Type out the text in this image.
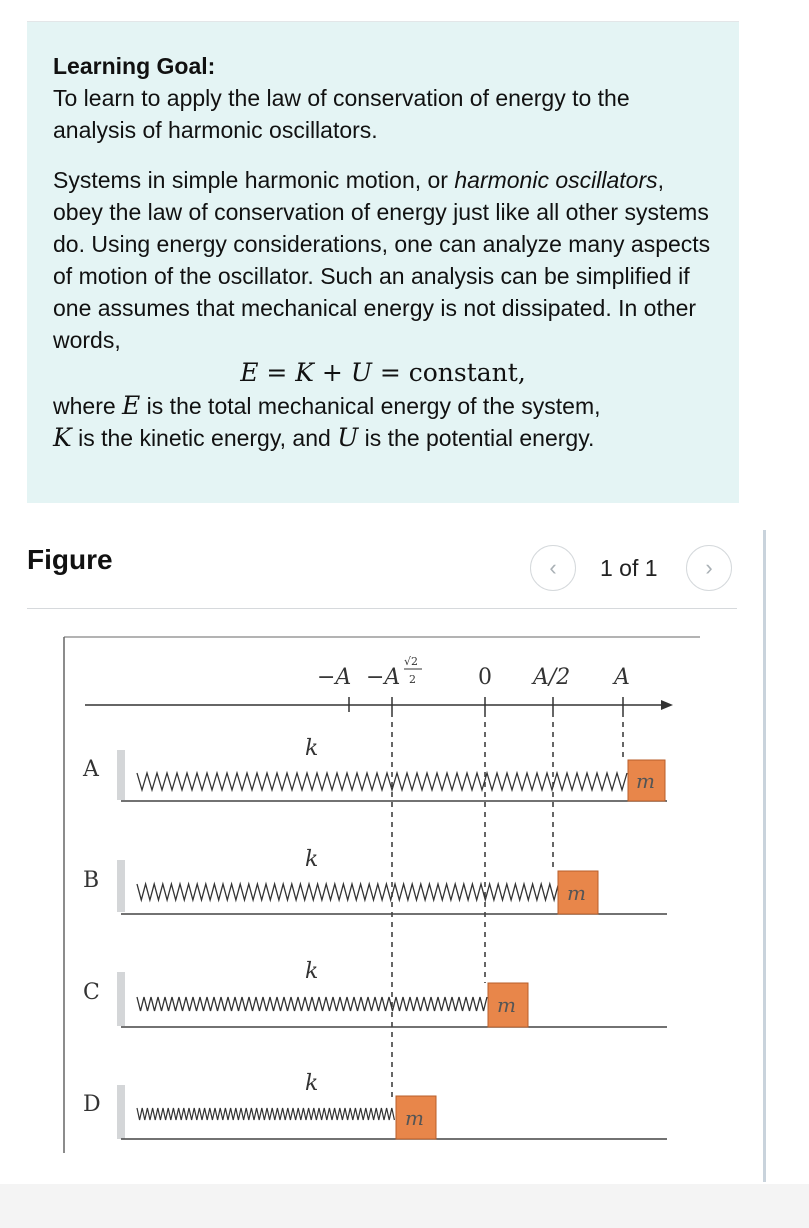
Learning Goal:

To learn to apply the law of conservation of energy to the analysis of harmonic oscillators.

Systems in simple harmonic motion, or harmonic oscillators, obey the law of conservation of energy just like all other systems do. Using energy considerations, one can analyze many aspects of motion of the oscillator. Such an analysis can be simplified if one assumes that mechanical energy is not dissipated. In other words,

E = K + U = constant,

where E is the total mechanical energy of the system,
K is the kinetic energy, and U is the potential energy.

Figure	‹	1 of 1	›
−A −A
√2
2	0 A/2 A
A
k
m
B
k
m
C
k
m
D
k
m
